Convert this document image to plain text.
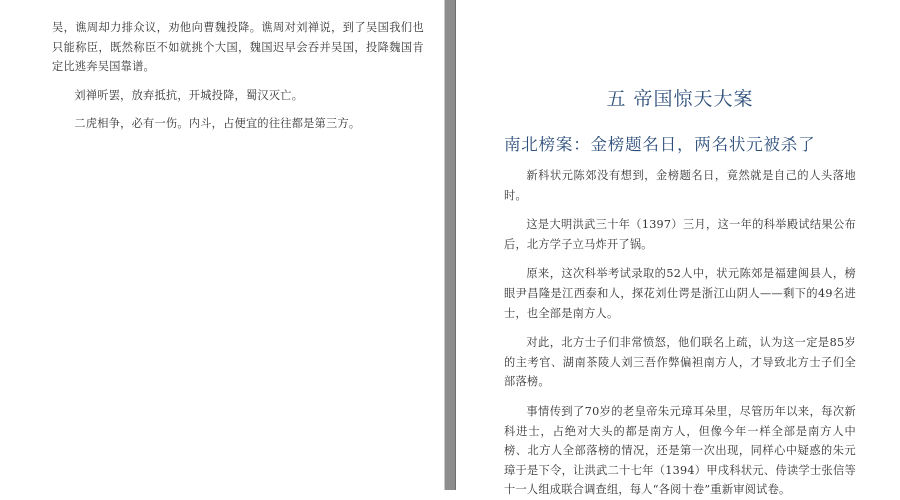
吴，谯周却力排众议，劝他向曹魏投降。谯周对刘禅说，到了吴国我们也只能称臣，既然称臣不如就挑个大国，魏国迟早会吞并吴国，投降魏国肯定比逃奔吴国靠谱。

刘禅听罢，放弃抵抗，开城投降，蜀汉灭亡。

二虎相争，必有一伤。内斗，占便宜的往往都是第三方。

五 帝国惊天大案
南北榜案：金榜题名日，两名状元被杀了

新科状元陈郊没有想到，金榜题名日，竟然就是自己的人头落地时。

这是大明洪武三十年（1397）三月，这一年的科举殿试结果公布后，北方学子立马炸开了锅。

原来，这次科举考试录取的52人中，状元陈郊是福建闽县人，榜眼尹昌隆是江西泰和人，探花刘仕谔是浙江山阴人——剩下的49名进士，也全部是南方人。

对此，北方士子们非常愤怒，他们联名上疏，认为这一定是85岁的主考官、湖南茶陵人刘三吾作弊偏袒南方人，才导致北方士子们全部落榜。

事情传到了70岁的老皇帝朱元璋耳朵里，尽管历年以来，每次新科进士，占绝对大头的都是南方人，但像今年一样全部是南方人中榜、北方人全部落榜的情况，还是第一次出现，同样心中疑惑的朱元璋于是下令，让洪武二十七年（1394）甲戌科状元、侍读学士张信等十一人组成联合调查组，每人“各阅十卷”重新审阅试卷。
